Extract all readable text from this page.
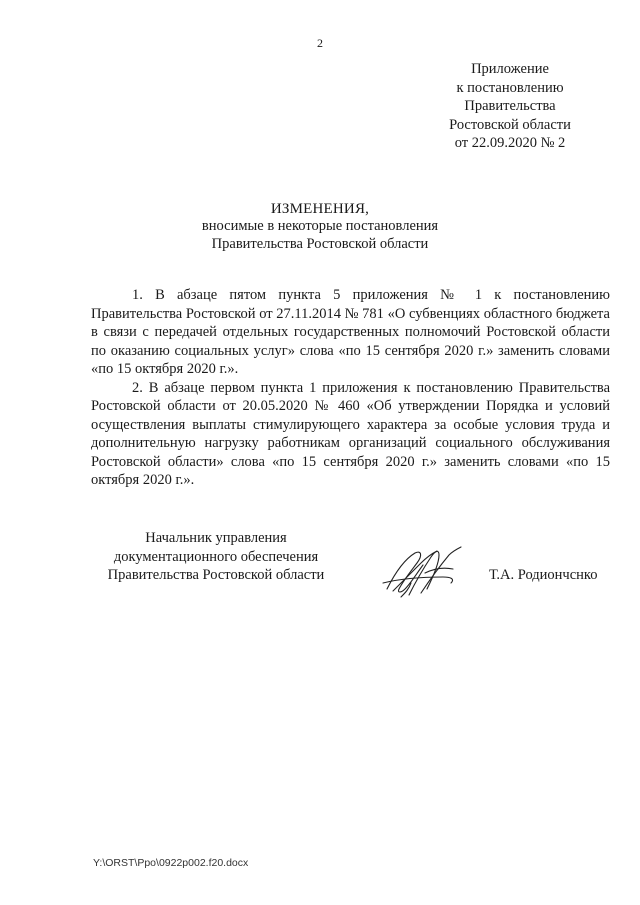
2
Приложение
к постановлению
Правительства
Ростовской области
от 22.09.2020 № 2
ИЗМЕНЕНИЯ,
вносимые в некоторые постановления
Правительства Ростовской области

1. В абзаце пятом пункта 5 приложения № 1 к постановлению Правительства Ростовской от 27.11.2014 № 781 «О субвенциях областного бюджета в связи с передачей отдельных государственных полномочий Ростовской области по оказанию социальных услуг» слова «по 15 сентября 2020 г.» заменить словами «по 15 октября 2020 г.».

2. В абзаце первом пункта 1 приложения к постановлению Правительства Ростовской области от 20.05.2020 № 460 «Об утверждении Порядка и условий осуществления выплаты стимулирующего характера за особые условия труда и дополнительную нагрузку работникам организаций социального обслуживания Ростовской области» слова «по 15 сентября 2020 г.» заменить словами «по 15 октября 2020 г.».

Начальник управления
документационного обеспечения
Правительства Ростовской области	Т.А. Родиончснко
Y:\ORST\Ppo\0922p002.f20.docx
